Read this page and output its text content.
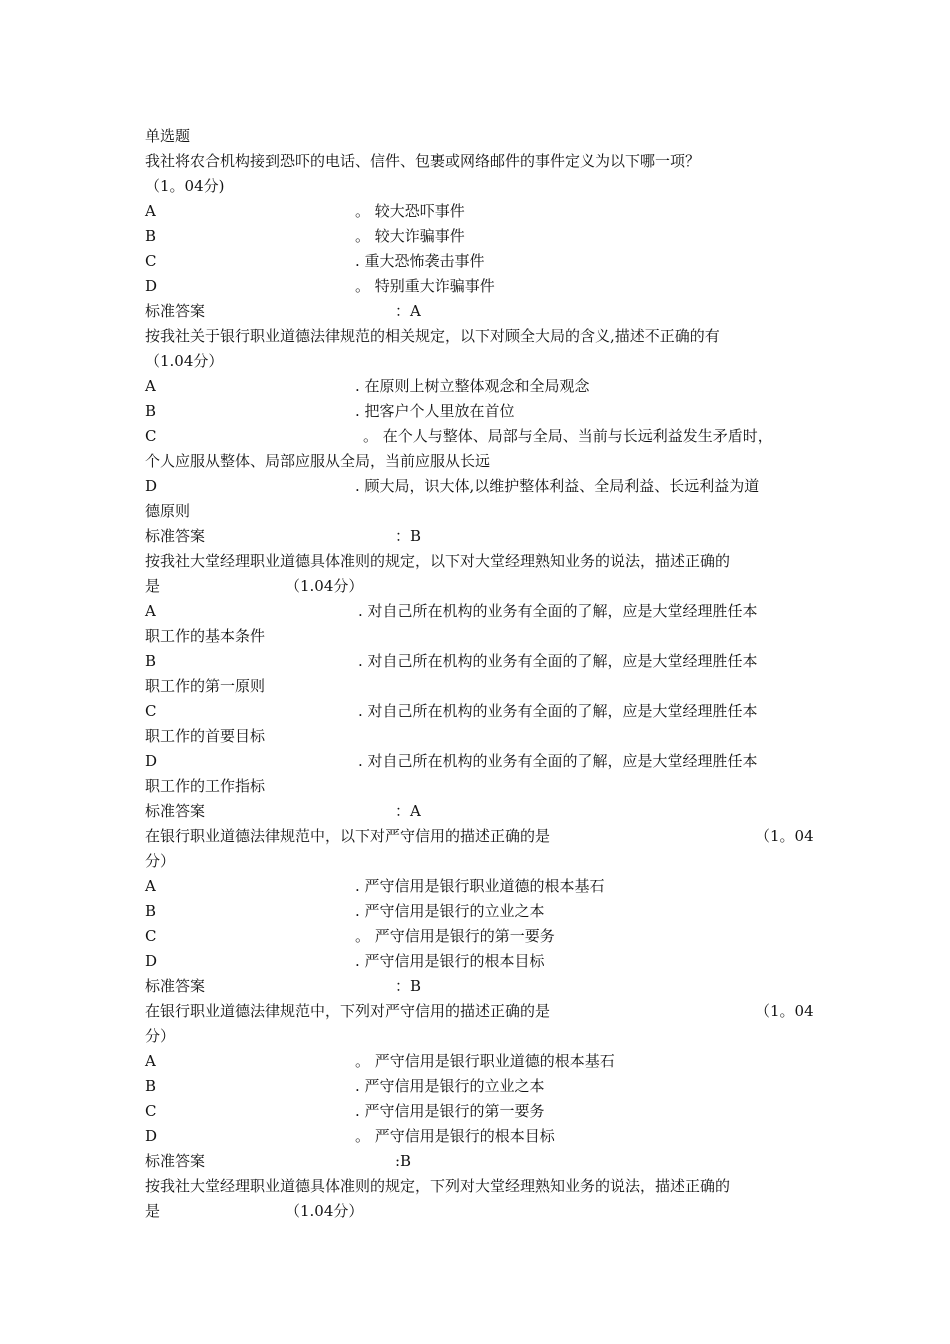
单选题
我社将农合机构接到恐吓的电话、信件、包裹或网络邮件的事件定义为以下哪一项？
（1。04分)
A	。 较大恐吓事件
B	。 较大诈骗事件
C	. 重大恐怖袭击事件
D	。 特别重大诈骗事件
标准答案	：A
按我社关于银行职业道德法律规范的相关规定，以下对顾全大局的含义,描述不正确的有
（1.04分）
A	. 在原则上树立整体观念和全局观念
B	. 把客户个人里放在首位
C	。 在个人与整体、局部与全局、当前与长远利益发生矛盾时，
个人应服从整体、局部应服从全局，当前应服从长远
D	. 顾大局，识大体,以维护整体利益、全局利益、长远利益为道
德原则
标准答案	：B
按我社大堂经理职业道德具体准则的规定，以下对大堂经理熟知业务的说法，描述正确的
是	（1.04分）
A	. 对自己所在机构的业务有全面的了解，应是大堂经理胜任本
职工作的基本条件
B	. 对自己所在机构的业务有全面的了解，应是大堂经理胜任本
职工作的第一原则
C	. 对自己所在机构的业务有全面的了解，应是大堂经理胜任本
职工作的首要目标
D	. 对自己所在机构的业务有全面的了解，应是大堂经理胜任本
职工作的工作指标
标准答案	：A
在银行职业道德法律规范中，以下对严守信用的描述正确的是	（1。04
分）
A	. 严守信用是银行职业道德的根本基石
B	. 严守信用是银行的立业之本
C	。 严守信用是银行的第一要务
D	. 严守信用是银行的根本目标
标准答案	：B
在银行职业道德法律规范中，下列对严守信用的描述正确的是	（1。04
分）
A	。 严守信用是银行职业道德的根本基石
B	. 严守信用是银行的立业之本
C	. 严守信用是银行的第一要务
D	。 严守信用是银行的根本目标
标准答案	:B
按我社大堂经理职业道德具体准则的规定，下列对大堂经理熟知业务的说法，描述正确的
是	（1.04分）
